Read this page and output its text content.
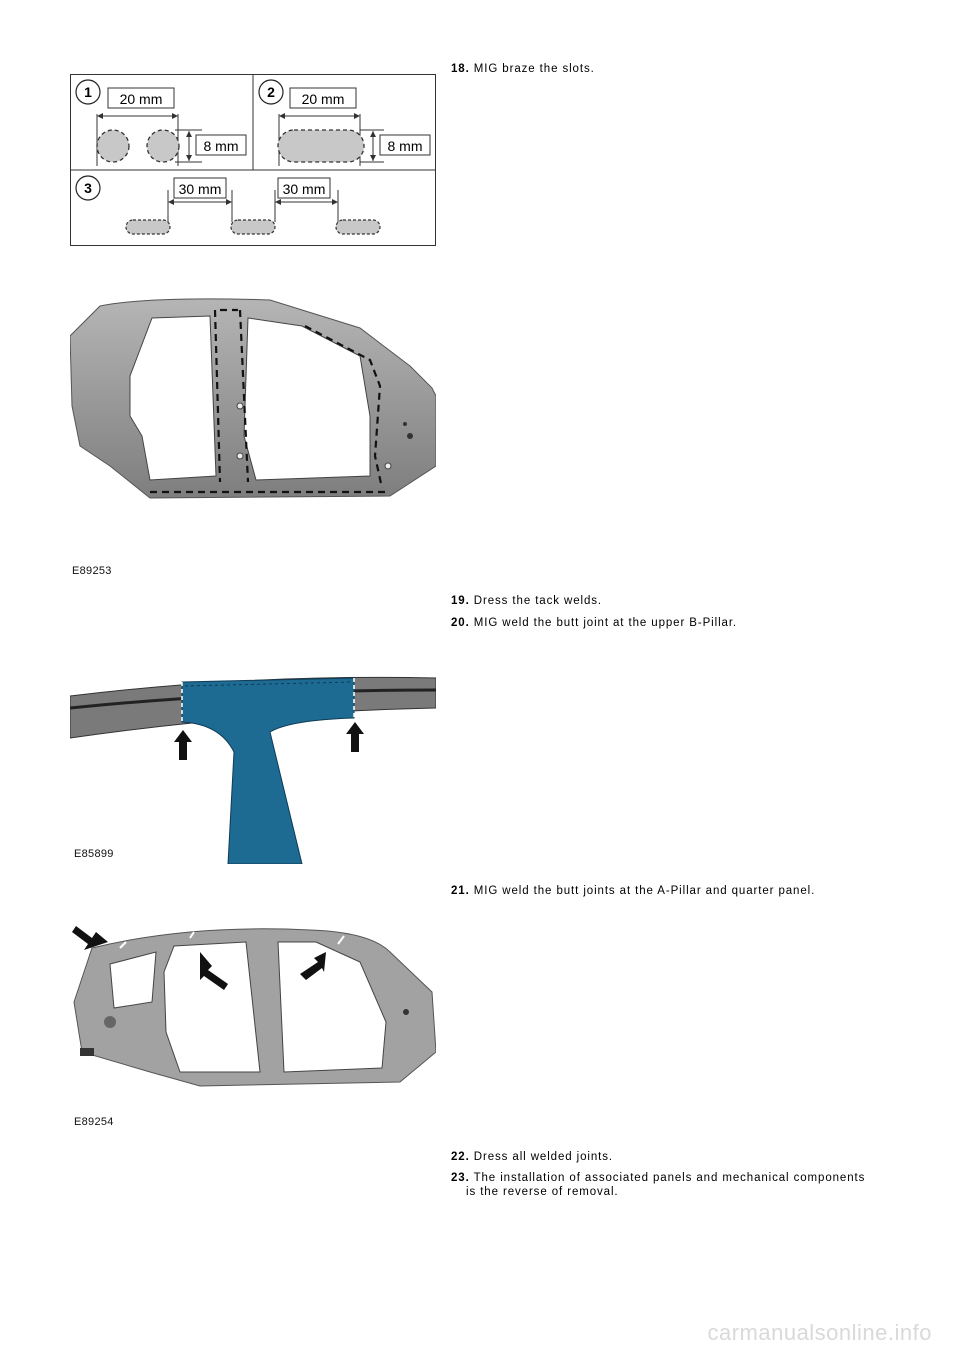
18. MIG braze the slots.
1 20 mm
8 mm
2 20 mm
8 mm
3	30 mm	30 mm
E89253
19. Dress the tack welds.
20. MIG weld the butt joint at the upper B-Pillar.
E85899
21. MIG weld the butt joints at the A-Pillar and quarter panel.
E89254
22. Dress all welded joints.
23. The installation of associated panels and mechanical components
is the reverse of removal.
carmanualsonline.info
